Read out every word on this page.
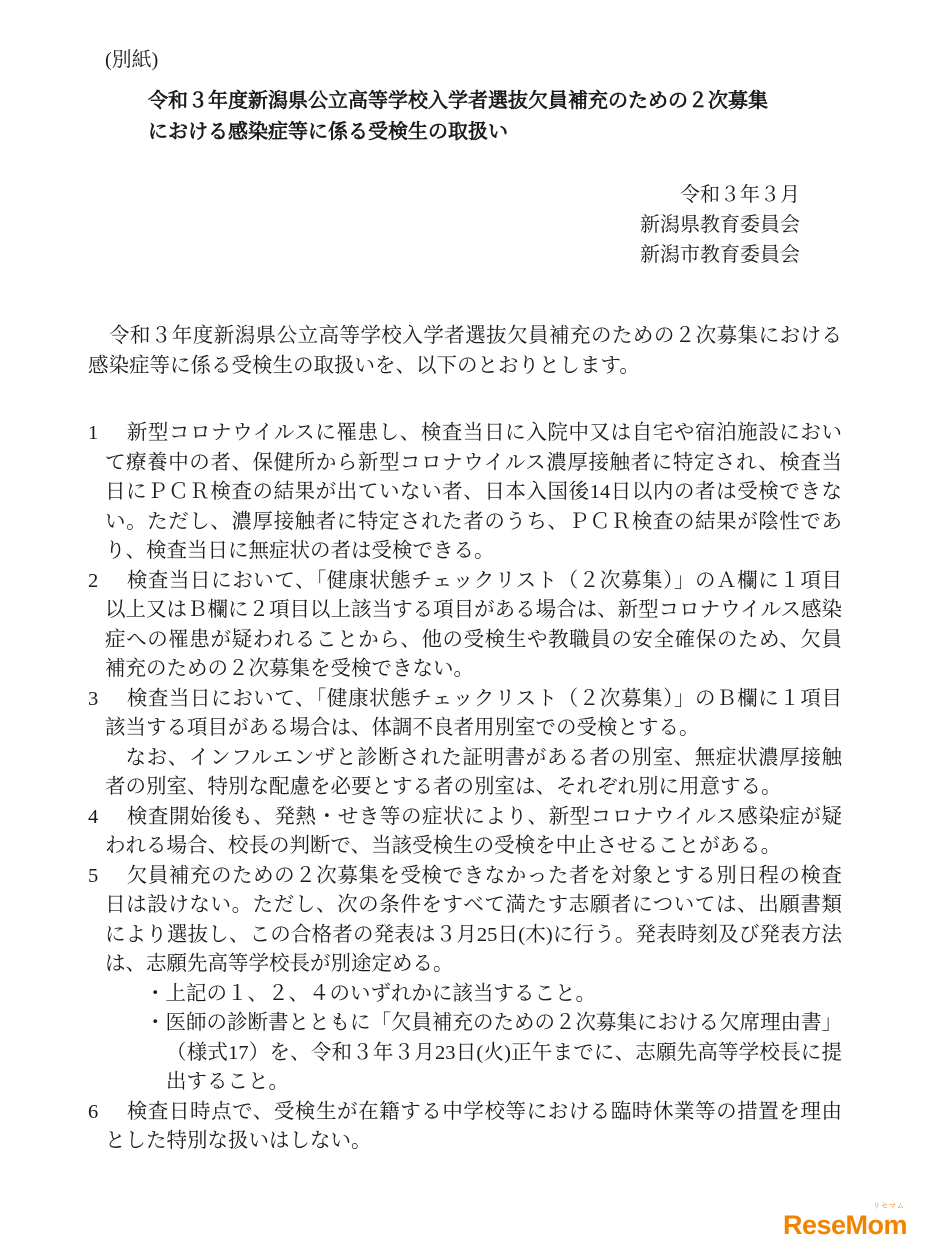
(別紙)

令和３年度新潟県公立高等学校入学者選抜欠員補充のための２次募集

における感染症等に係る受検生の取扱い

令和３年３月

新潟県教育委員会

新潟市教育委員会

　令和３年度新潟県公立高等学校入学者選抜欠員補充のための２次募集における感染症等に係る受検生の取扱いを、以下のとおりとします。

1 新型コロナウイルスに罹患し、検査当日に入院中又は自宅や宿泊施設において療養中の者、保健所から新型コロナウイルス濃厚接触者に特定され、検査当日にＰＣＲ検査の結果が出ていない者、日本入国後14日以内の者は受検できない。ただし、濃厚接触者に特定された者のうち、ＰＣＲ検査の結果が陰性であり、検査当日に無症状の者は受検できる。

2 検査当日において、「健康状態チェックリスト（２次募集）」のＡ欄に１項目以上又はＢ欄に２項目以上該当する項目がある場合は、新型コロナウイルス感染症への罹患が疑われることから、他の受検生や教職員の安全確保のため、欠員補充のための２次募集を受検できない。

3 検査当日において、「健康状態チェックリスト（２次募集）」のＢ欄に１項目該当する項目がある場合は、体調不良者用別室での受検とする。

なお、インフルエンザと診断された証明書がある者の別室、無症状濃厚接触者の別室、特別な配慮を必要とする者の別室は、それぞれ別に用意する。

4 検査開始後も、発熱・せき等の症状により、新型コロナウイルス感染症が疑われる場合、校長の判断で、当該受検生の受検を中止させることがある。

5 欠員補充のための２次募集を受検できなかった者を対象とする別日程の検査日は設けない。ただし、次の条件をすべて満たす志願者については、出願書類により選抜し、この合格者の発表は３月25日(木)に行う。発表時刻及び発表方法は、志願先高等学校長が別途定める。

・上記の１、２、４のいずれかに該当すること。

・医師の診断書とともに「欠員補充のための２次募集における欠席理由書」（様式17）を、令和３年３月23日(火)正午までに、志願先高等学校長に提出すること。

6 検査日時点で、受検生が在籍する中学校等における臨時休業等の措置を理由とした特別な扱いはしない。

リセマム
ReseMom
